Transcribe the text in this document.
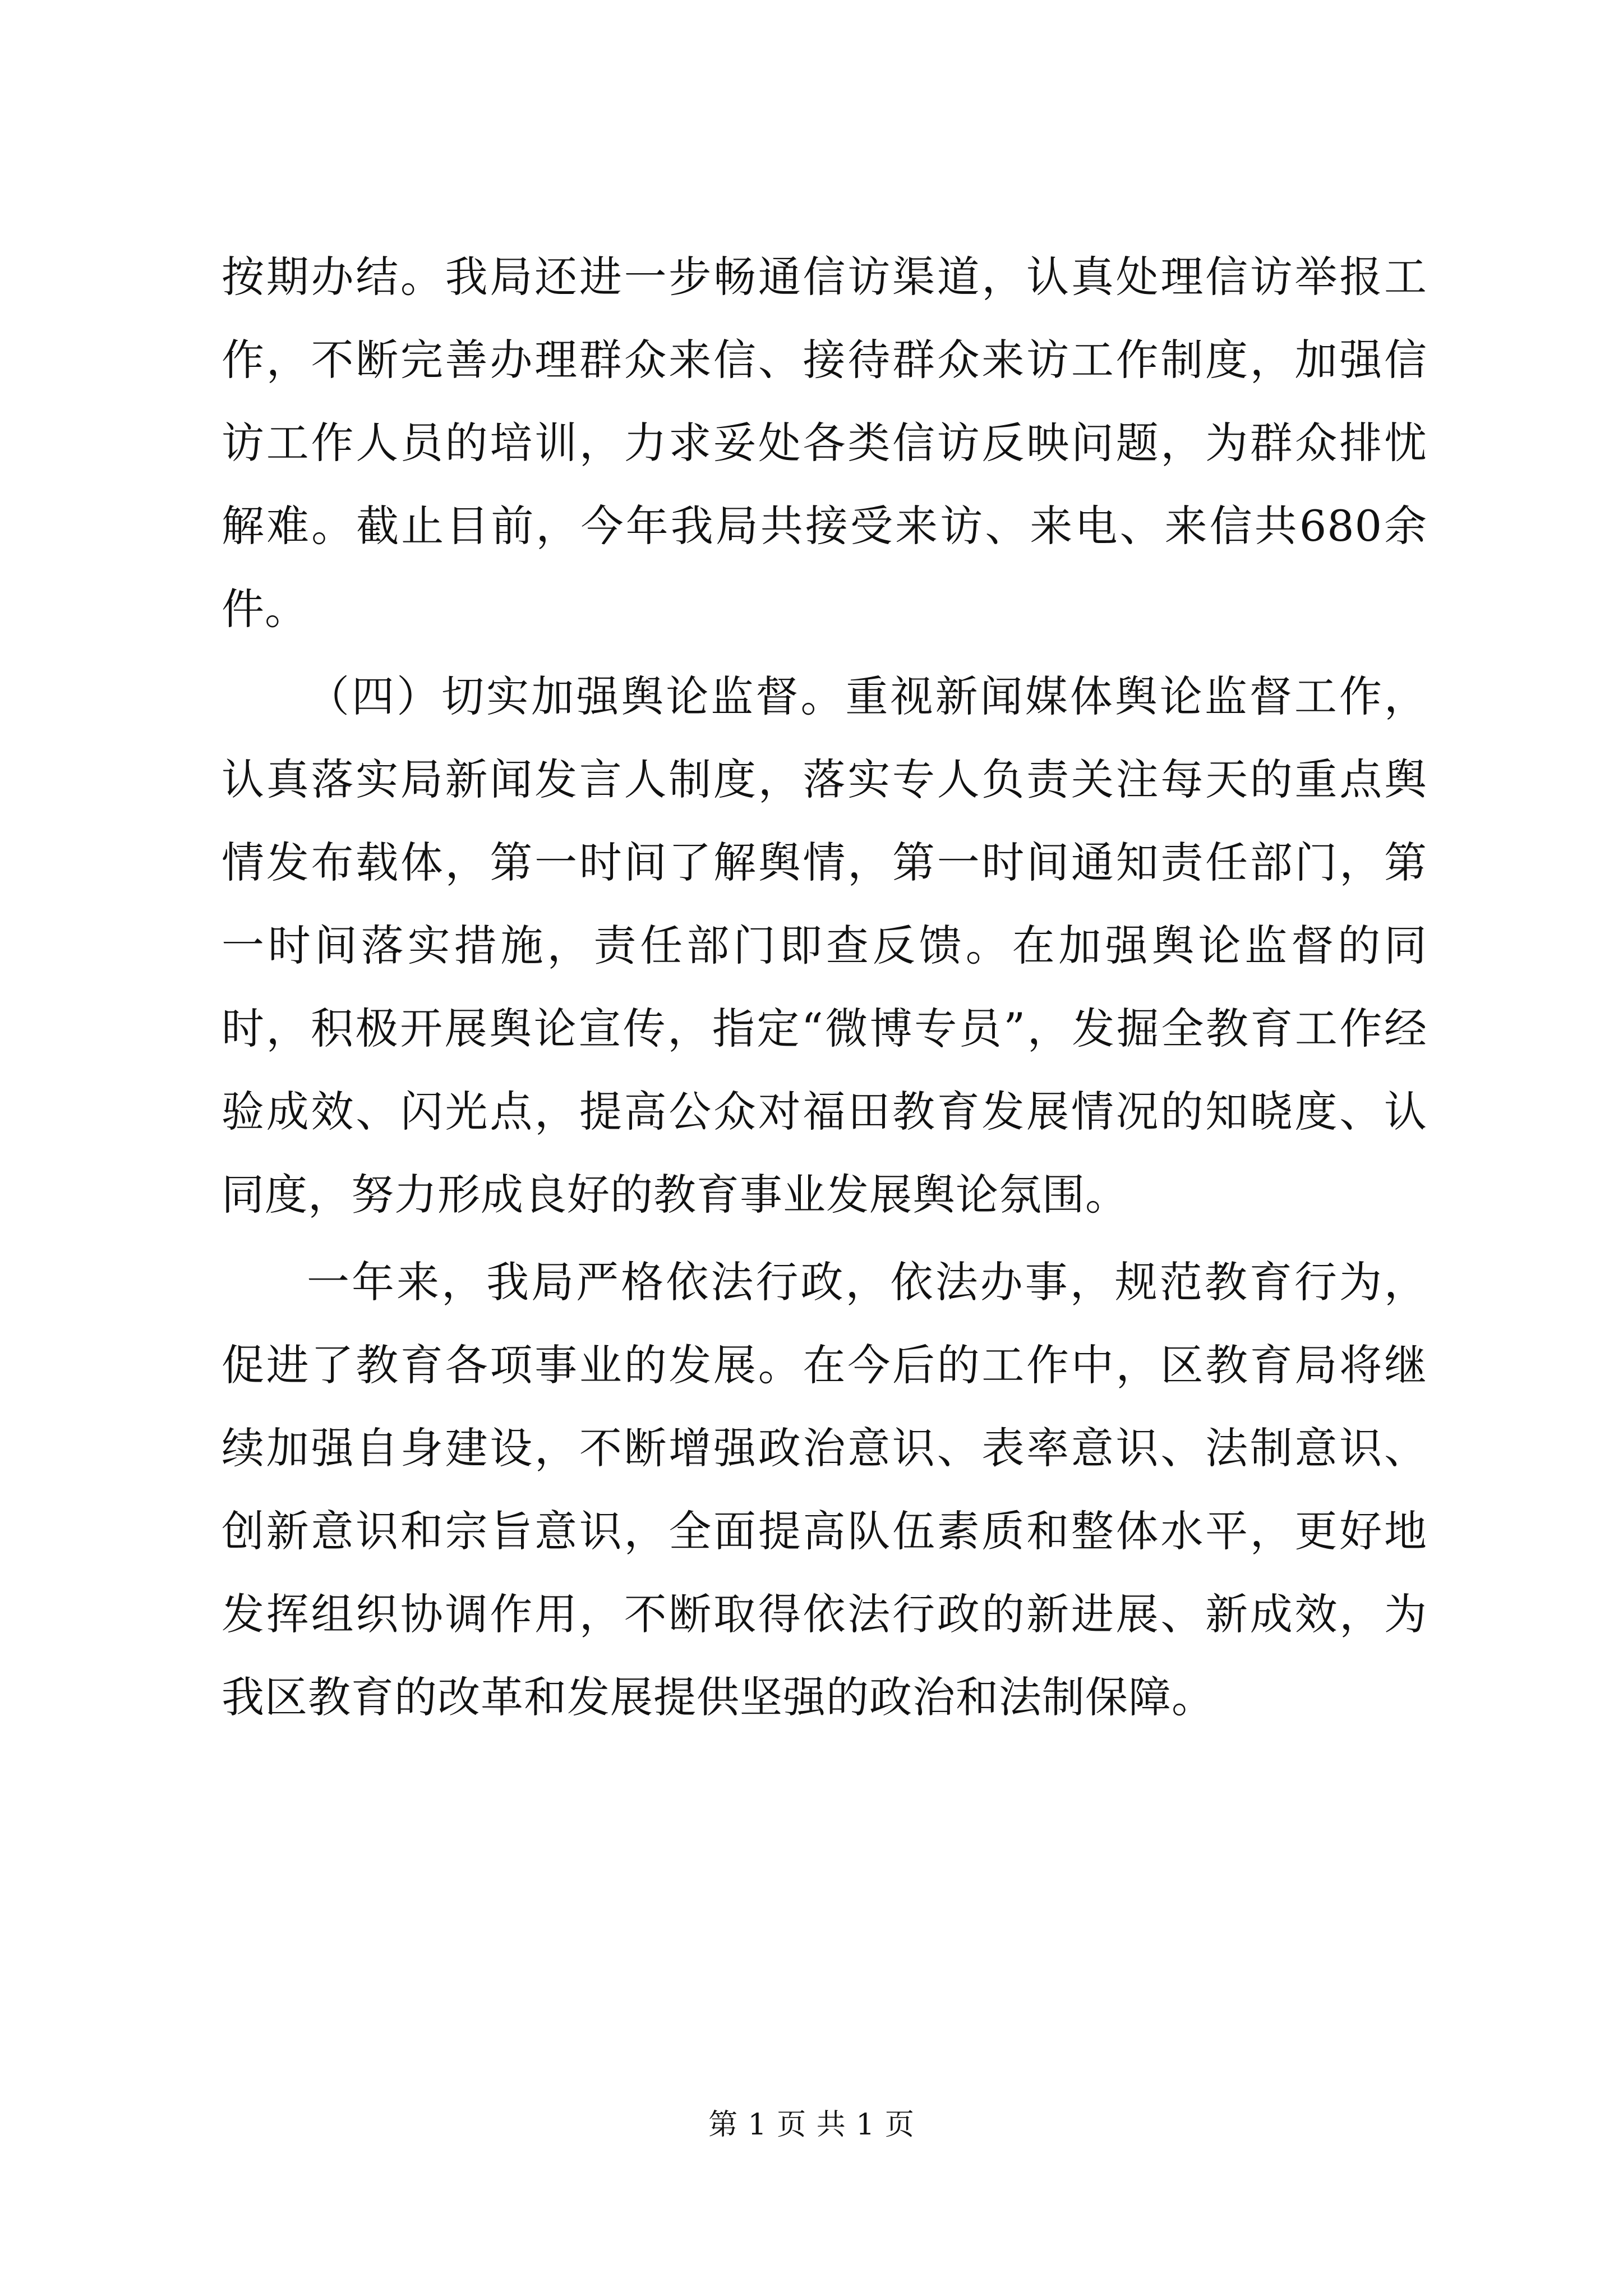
按期办结。我局还进一步畅通信访渠道，认真处理信访举报工作，不断完善办理群众来信、接待群众来访工作制度，加强信访工作人员的培训，力求妥处各类信访反映问题，为群众排忧解难。截止目前，今年我局共接受来访、来电、来信共680余件。

（四）切实加强舆论监督。重视新闻媒体舆论监督工作，认真落实局新闻发言人制度，落实专人负责关注每天的重点舆情发布载体，第一时间了解舆情，第一时间通知责任部门，第一时间落实措施，责任部门即查反馈。在加强舆论监督的同时，积极开展舆论宣传，指定“微博专员”，发掘全教育工作经验成效、闪光点，提高公众对福田教育发展情况的知晓度、认同度，努力形成良好的教育事业发展舆论氛围。

一年来，我局严格依法行政，依法办事，规范教育行为，促进了教育各项事业的发展。在今后的工作中，区教育局将继续加强自身建设，不断增强政治意识、表率意识、法制意识、创新意识和宗旨意识，全面提高队伍素质和整体水平，更好地发挥组织协调作用，不断取得依法行政的新进展、新成效，为我区教育的改革和发展提供坚强的政治和法制保障。

第 1 页 共 1 页
